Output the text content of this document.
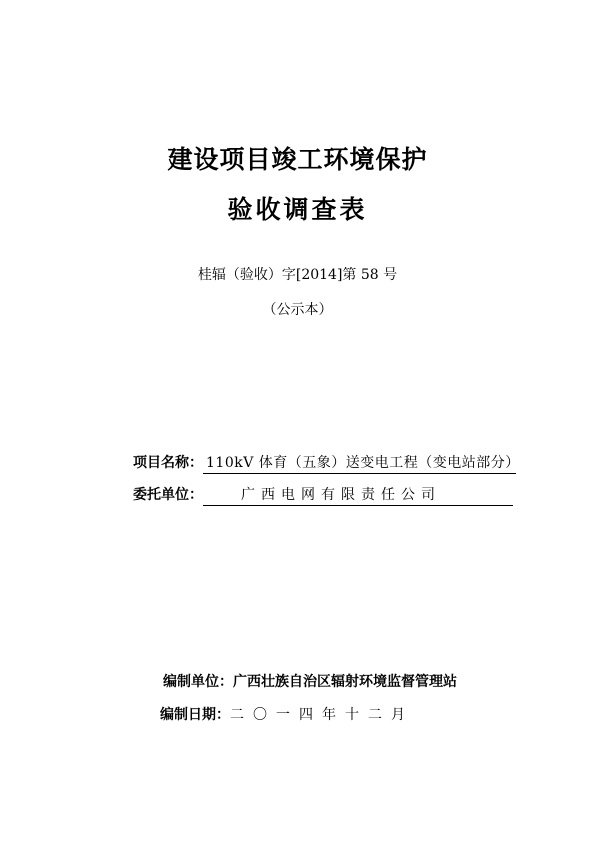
建设项目竣工环境保护
验收调查表
桂辐（验收）字[2014]第 58 号
（公示本）
项目名称： 110kV 体育（五象）送变电工程（变电站部分）
委托单位：	广西电网有限责任公司
编制单位：广西壮族自治区辐射环境监督管理站
编制日期：二〇一四年十二月
